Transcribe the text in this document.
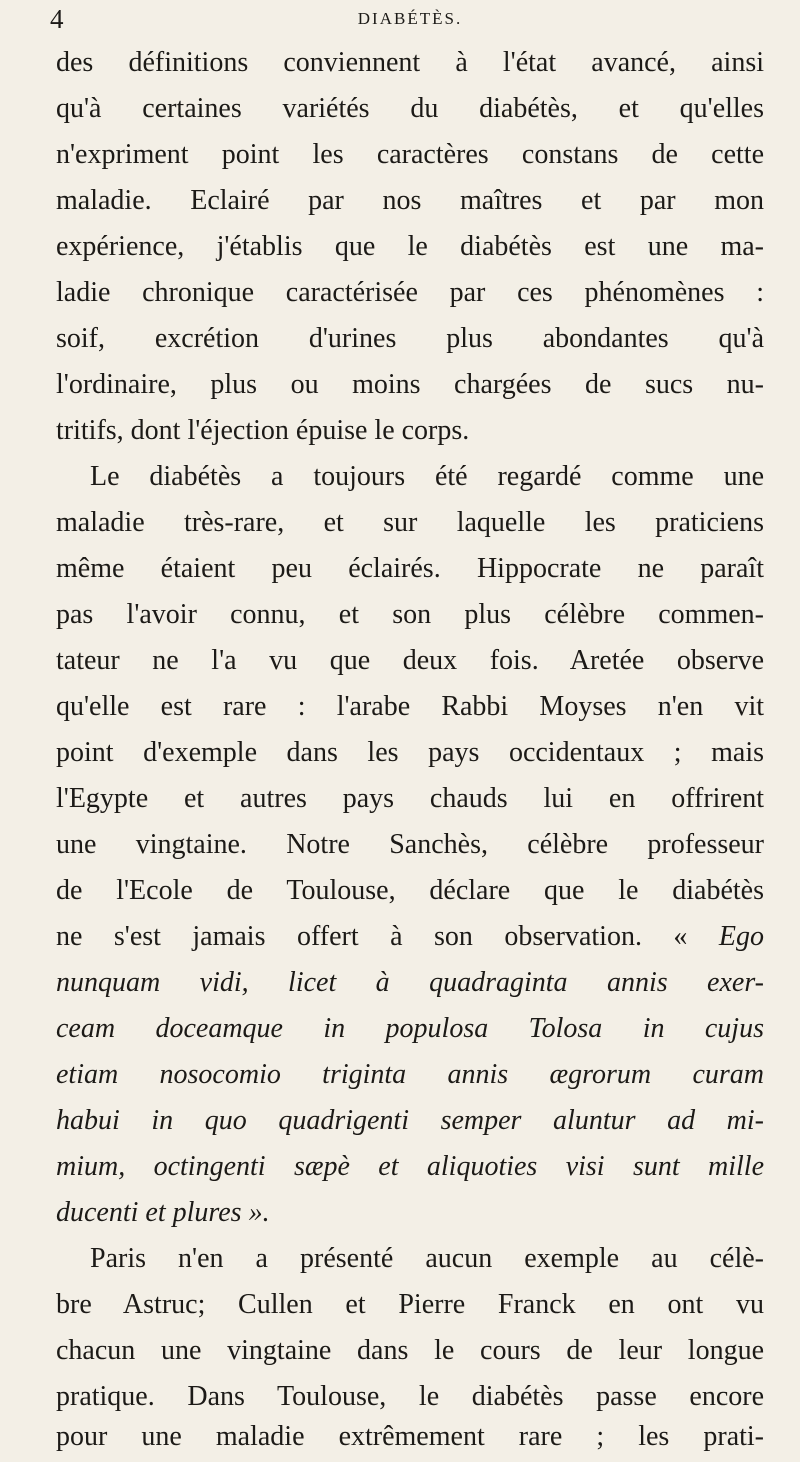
4	DIABÉTÈS.
des définitions conviennent à l'état avancé, ainsi
qu'à certaines variétés du diabétès, et qu'elles
n'expriment point les caractères constans de cette
maladie. Eclairé par nos maîtres et par mon
expérience, j'établis que le diabétès est une ma-
ladie chronique caractérisée par ces phénomènes :
soif, excrétion d'urines plus abondantes qu'à
l'ordinaire, plus ou moins chargées de sucs nu-
tritifs, dont l'éjection épuise le corps.
Le diabétès a toujours été regardé comme une
maladie très-rare, et sur laquelle les praticiens
même étaient peu éclairés. Hippocrate ne paraît
pas l'avoir connu, et son plus célèbre commen-
tateur ne l'a vu que deux fois. Aretée observe
qu'elle est rare : l'arabe Rabbi Moyses n'en vit
point d'exemple dans les pays occidentaux ; mais
l'Egypte et autres pays chauds lui en offrirent
une vingtaine. Notre Sanchès, célèbre professeur
de l'Ecole de Toulouse, déclare que le diabétès
ne s'est jamais offert à son observation. « Ego
nunquam vidi, licet à quadraginta annis exer-
ceam doceamque in populosa Tolosa in cujus
etiam nosocomio triginta annis ægrorum curam
habui in quo quadrigenti semper aluntur ad mi-
mium, octingenti sæpè et aliquoties visi sunt mille
ducenti et plures ».
Paris n'en a présenté aucun exemple au célè-
bre Astruc; Cullen et Pierre Franck en ont vu
chacun une vingtaine dans le cours de leur longue
pratique. Dans Toulouse, le diabétès passe encore
pour une maladie extrêmement rare ; les prati-
